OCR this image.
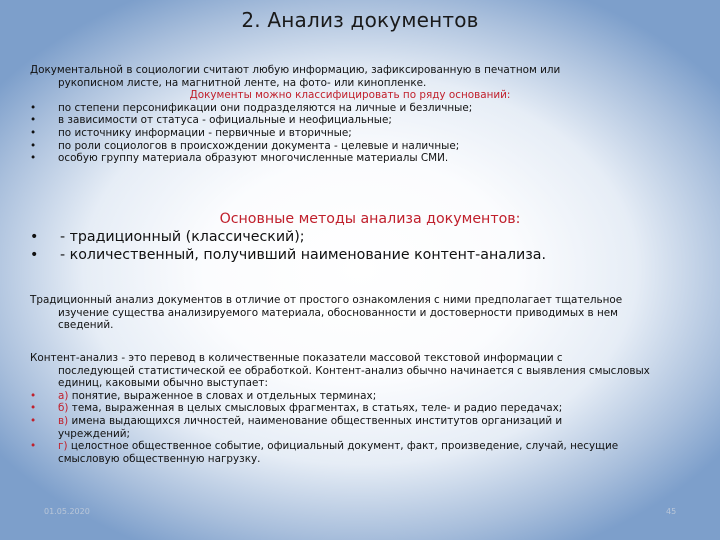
2. Анализ документов
Документальной в социологии считают любую информацию, зафиксированную в печатном или
рукописном листе, на магнитной ленте, на фото- или кинопленке.
Документы можно классифицировать по ряду оснований:
• по степени персонификации они подразделяются на личные и безличные;
• в зависимости от статуса - официальные и неофициальные;
• по источнику информации - первичные и вторичные;
• по роли социологов в происхождении документа - целевые и наличные;
• особую группу материала образуют многочисленные материалы СМИ.
Основные методы анализа документов:
• - традиционный (классический);
• - количественный, получивший наименование контент-анализа.
Традиционный анализ документов в отличие от простого ознакомления с ними предполагает тщательное
изучение существа анализируемого материала, обоснованности и достоверности приводимых в нем
сведений.
Контент-анализ - это перевод в количественные показатели массовой текстовой информации с
последующей статистической ее обработкой. Контент-анализ обычно начинается с выявления смысловых
единиц, каковыми обычно выступает:
• а) понятие, выраженное в словах и отдельных терминах;
• б) тема, выраженная в целых смысловых фрагментах, в статьях, теле- и радио передачах;
• в) имена выдающихся личностей, наименование общественных институтов организаций и
учреждений;
• г) целостное общественное событие, официальный документ, факт, произведение, случай, несущие
смысловую общественную нагрузку.
01.05.2020	45
